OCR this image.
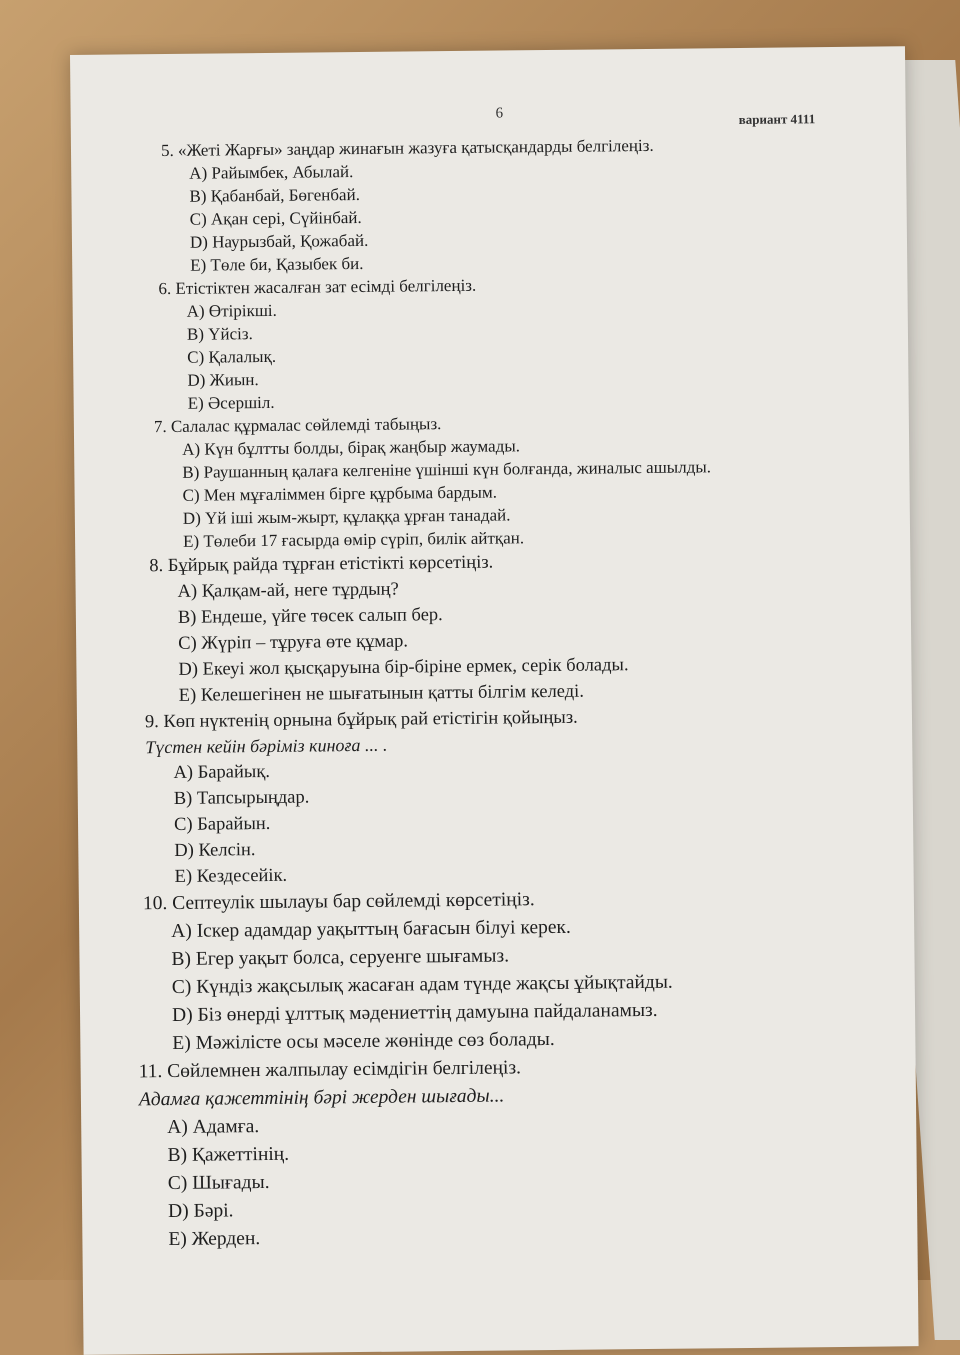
6	вариант 4111
5. «Жеті Жарғы» заңдар жинағын жазуға қатысқандарды белгілеңіз.
А) Райымбек, Абылай.
В) Қабанбай, Бөгенбай.
С) Ақан сері, Сүйінбай.
D) Наурызбай, Қожабай.
Е) Төле би, Қазыбек би.
6. Етістіктен жасалған зат есімді белгілеңіз.
А) Өтірікші.
В) Үйсіз.
С) Қалалық.
D) Жиын.
Е) Әсершіл.
7. Салалас құрмалас сөйлемді табыңыз.
А) Күн бұлтты болды, бірақ жаңбыр жаумады.
В) Раушанның қалаға келгеніне үшінші күн болғанда, жиналыс ашылды.
С) Мен мұғаліммен бірге құрбыма бардым.
D) Үй іші жым-жырт, құлаққа ұрған танадай.
Е) Төлеби 17 ғасырда өмір сүріп, билік айтқан.
8. Бұйрық райда тұрған етістікті көрсетіңіз.
А) Қалқам-ай, неге тұрдың?
В) Ендеше, үйге төсек салып бер.
С) Жүріп – тұруға өте құмар.
D) Екеуі жол қысқаруына бір-біріне ермек, серік болады.
Е) Келешегінен не шығатынын қатты білгім келеді.
9. Көп нүктенің орнына бұйрық рай етістігін қойыңыз.
Түстен кейін бәріміз киноға ... .
А) Барайық.
В) Тапсырыңдар.
С) Барайын.
D) Келсін.
Е) Кездесейік.
10. Септеулік шылауы бар сөйлемді көрсетіңіз.
А) Іскер адамдар уақыттың бағасын білуі керек.
В) Егер уақыт болса, серуенге шығамыз.
С) Күндіз жақсылық жасаған адам түнде жақсы ұйықтайды.
D) Біз өнерді ұлттық мәдениеттің дамуына пайдаланамыз.
Е) Мәжілісте осы мәселе жөнінде сөз болады.
11. Сөйлемнен жалпылау есімдігін белгілеңіз.
Адамға қажеттінің бәрі жерден шығады...
А) Адамға.
В) Қажеттінің.
С) Шығады.
D) Бәрі.
Е) Жерден.
